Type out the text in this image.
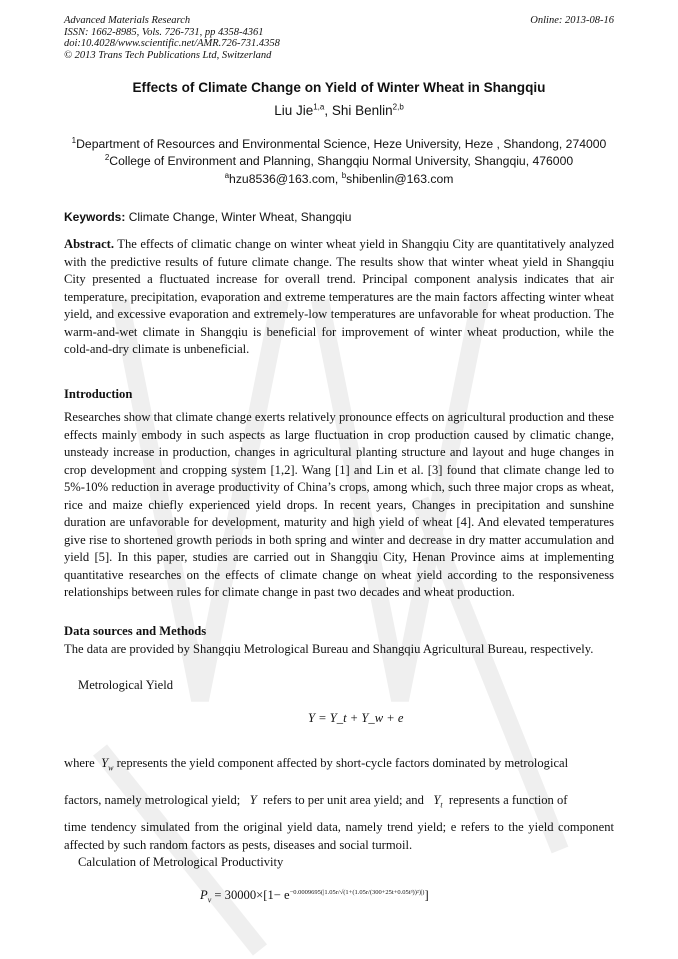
Advanced Materials Research
ISSN: 1662-8985, Vols. 726-731, pp 4358-4361
doi:10.4028/www.scientific.net/AMR.726-731.4358
© 2013 Trans Tech Publications Ltd, Switzerland
Online: 2013-08-16
Effects of Climate Change on Yield of Winter Wheat in Shangqiu
Liu Jie$^{1,a}$, Shi Benlin$^{2,b}$
$^1$Department of Resources and Environmental Science, Heze University, Heze , Shandong, 274000
$^2$College of Environment and Planning, Shangqiu Normal University, Shangqiu, 476000
$^a$hzu8536@163.com, $^b$shibenlin@163.com
Keywords: Climate Change, Winter Wheat, Shangqiu

Abstract. The effects of climatic change on winter wheat yield in Shangqiu City are quantitatively analyzed with the predictive results of future climate change. The results show that winter wheat yield in Shangqiu City presented a fluctuated increase for overall trend. Principal component analysis indicates that air temperature, precipitation, evaporation and extreme temperatures are the main factors affecting winter wheat yield, and excessive evaporation and extremely-low temperatures are unfavorable for wheat production. The warm-and-wet climate in Shangqiu is beneficial for improvement of winter wheat production, while the cold-and-dry climate is unbeneficial.

Introduction

Researches show that climate change exerts relatively pronounce effects on agricultural production and these effects mainly embody in such aspects as large fluctuation in crop production caused by climatic change, unsteady increase in production, changes in agricultural planting structure and layout and huge changes in crop development and cropping system [1,2]. Wang [1] and Lin et al. [3] found that climate change led to 5%-10% reduction in average productivity of China’s crops, among which, such three major crops as wheat, rice and maize chiefly experienced yield drops. In recent years, Changes in precipitation and sunshine duration are unfavorable for development, maturity and high yield of wheat [4]. And elevated temperatures give rise to shortened growth periods in both spring and winter and decrease in dry matter accumulation and yield [5]. In this paper, studies are carried out in Shangqiu City, Henan Province aims at implementing quantitative researches on the effects of climate change on wheat yield according to the responsiveness relationships between rules for climate change in past two decades and wheat production.

Data sources and Methods

The data are provided by Shangqiu Metrological Bureau and Shangqiu Agricultural Bureau, respectively.

Metrological Yield
Y = Y_t + Y_w + e
where $Y_w$ represents the yield component affected by short-cycle factors dominated by metrological
factors, namely metrological yield; Y  refers to per unit area yield; and $Y_t$  represents a function of

time tendency simulated from the original yield data, namely trend yield; e refers to the yield component affected by such random factors as pests, diseases and social turmoil.

Calculation of Metrological Productivity
$P_v = 30000\times[1- e^{-0.0009695(|1.05r/√(1+(1.05r/(300+25t+0.05t^3))^2)|)}]$
